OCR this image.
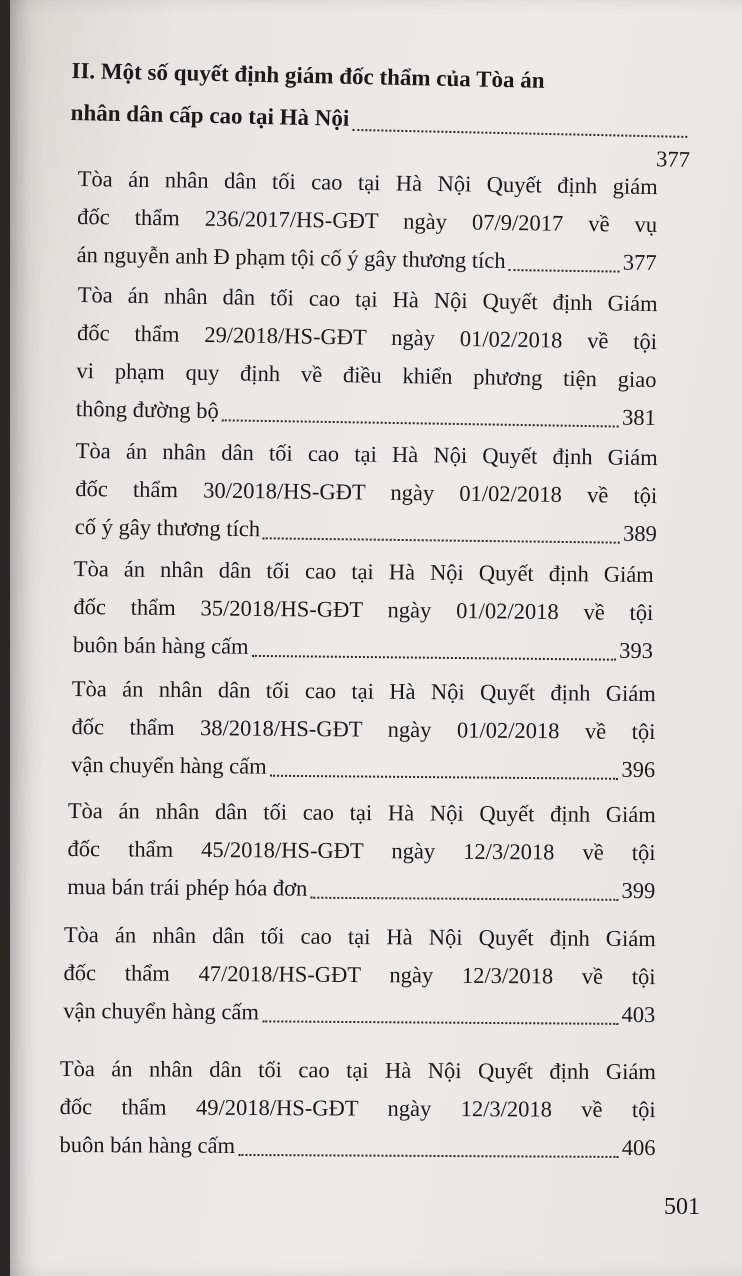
II. Một số quyết định giám đốc thẩm của Tòa án
nhân dân cấp cao tại Hà Nội
377
Tòa án nhân dân tối cao tại Hà Nội Quyết định giám
đốc thẩm 236/2017/HS-GĐT ngày 07/9/2017 về vụ
án nguyễn anh Đ phạm tội cố ý gây thương tích	377
Tòa án nhân dân tối cao tại Hà Nội Quyết định Giám
đốc thẩm 29/2018/HS-GĐT ngày 01/02/2018 về tội
vi phạm quy định về điều khiển phương tiện giao
thông đường bộ	381
Tòa án nhân dân tối cao tại Hà Nội Quyết định Giám
đốc thẩm 30/2018/HS-GĐT ngày 01/02/2018 về tội
cố ý gây thương tích	389
Tòa án nhân dân tối cao tại Hà Nội Quyết định Giám
đốc thẩm 35/2018/HS-GĐT ngày 01/02/2018 về tội
buôn bán hàng cấm	393
Tòa án nhân dân tối cao tại Hà Nội Quyết định Giám
đốc thẩm 38/2018/HS-GĐT ngày 01/02/2018 về tội
vận chuyển hàng cấm	396
Tòa án nhân dân tối cao tại Hà Nội Quyết định Giám
đốc thẩm 45/2018/HS-GĐT ngày 12/3/2018 về tội
mua bán trái phép hóa đơn	399
Tòa án nhân dân tối cao tại Hà Nội Quyết định Giám
đốc thẩm 47/2018/HS-GĐT ngày 12/3/2018 về tội
vận chuyển hàng cấm	403
Tòa án nhân dân tối cao tại Hà Nội Quyết định Giám
đốc thẩm 49/2018/HS-GĐT ngày 12/3/2018 về tội
buôn bán hàng cấm	406
501
